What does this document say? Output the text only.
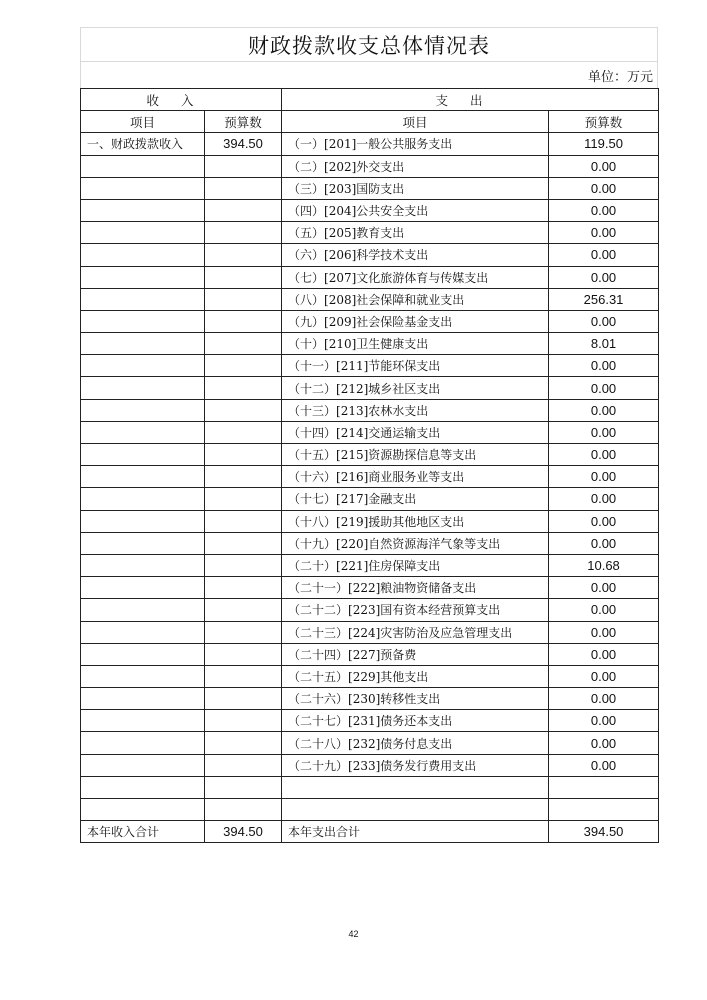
财政拨款收支总体情况表
单位：万元
收入		支出	
项目	预算数	项目	预算数
一、财政拨款收入	394.50	（一）[201]一般公共服务支出	119.50
		（二）[202]外交支出	0.00
		（三）[203]国防支出	0.00
		（四）[204]公共安全支出	0.00
		（五）[205]教育支出	0.00
		（六）[206]科学技术支出	0.00
		（七）[207]文化旅游体育与传媒支出	0.00
		（八）[208]社会保障和就业支出	256.31
		（九）[209]社会保险基金支出	0.00
		（十）[210]卫生健康支出	8.01
		（十一）[211]节能环保支出	0.00
		（十二）[212]城乡社区支出	0.00
		（十三）[213]农林水支出	0.00
		（十四）[214]交通运输支出	0.00
		（十五）[215]资源勘探信息等支出	0.00
		（十六）[216]商业服务业等支出	0.00
		（十七）[217]金融支出	0.00
		（十八）[219]援助其他地区支出	0.00
		（十九）[220]自然资源海洋气象等支出	0.00
		（二十）[221]住房保障支出	10.68
		（二十一）[222]粮油物资储备支出	0.00
		（二十二）[223]国有资本经营预算支出	0.00
		（二十三）[224]灾害防治及应急管理支出	0.00
		（二十四）[227]预备费	0.00
		（二十五）[229]其他支出	0.00
		（二十六）[230]转移性支出	0.00
		（二十七）[231]债务还本支出	0.00
		（二十八）[232]债务付息支出	0.00
		（二十九）[233]债务发行费用支出	0.00

本年收入合计	394.50	本年支出合计	394.50
42
